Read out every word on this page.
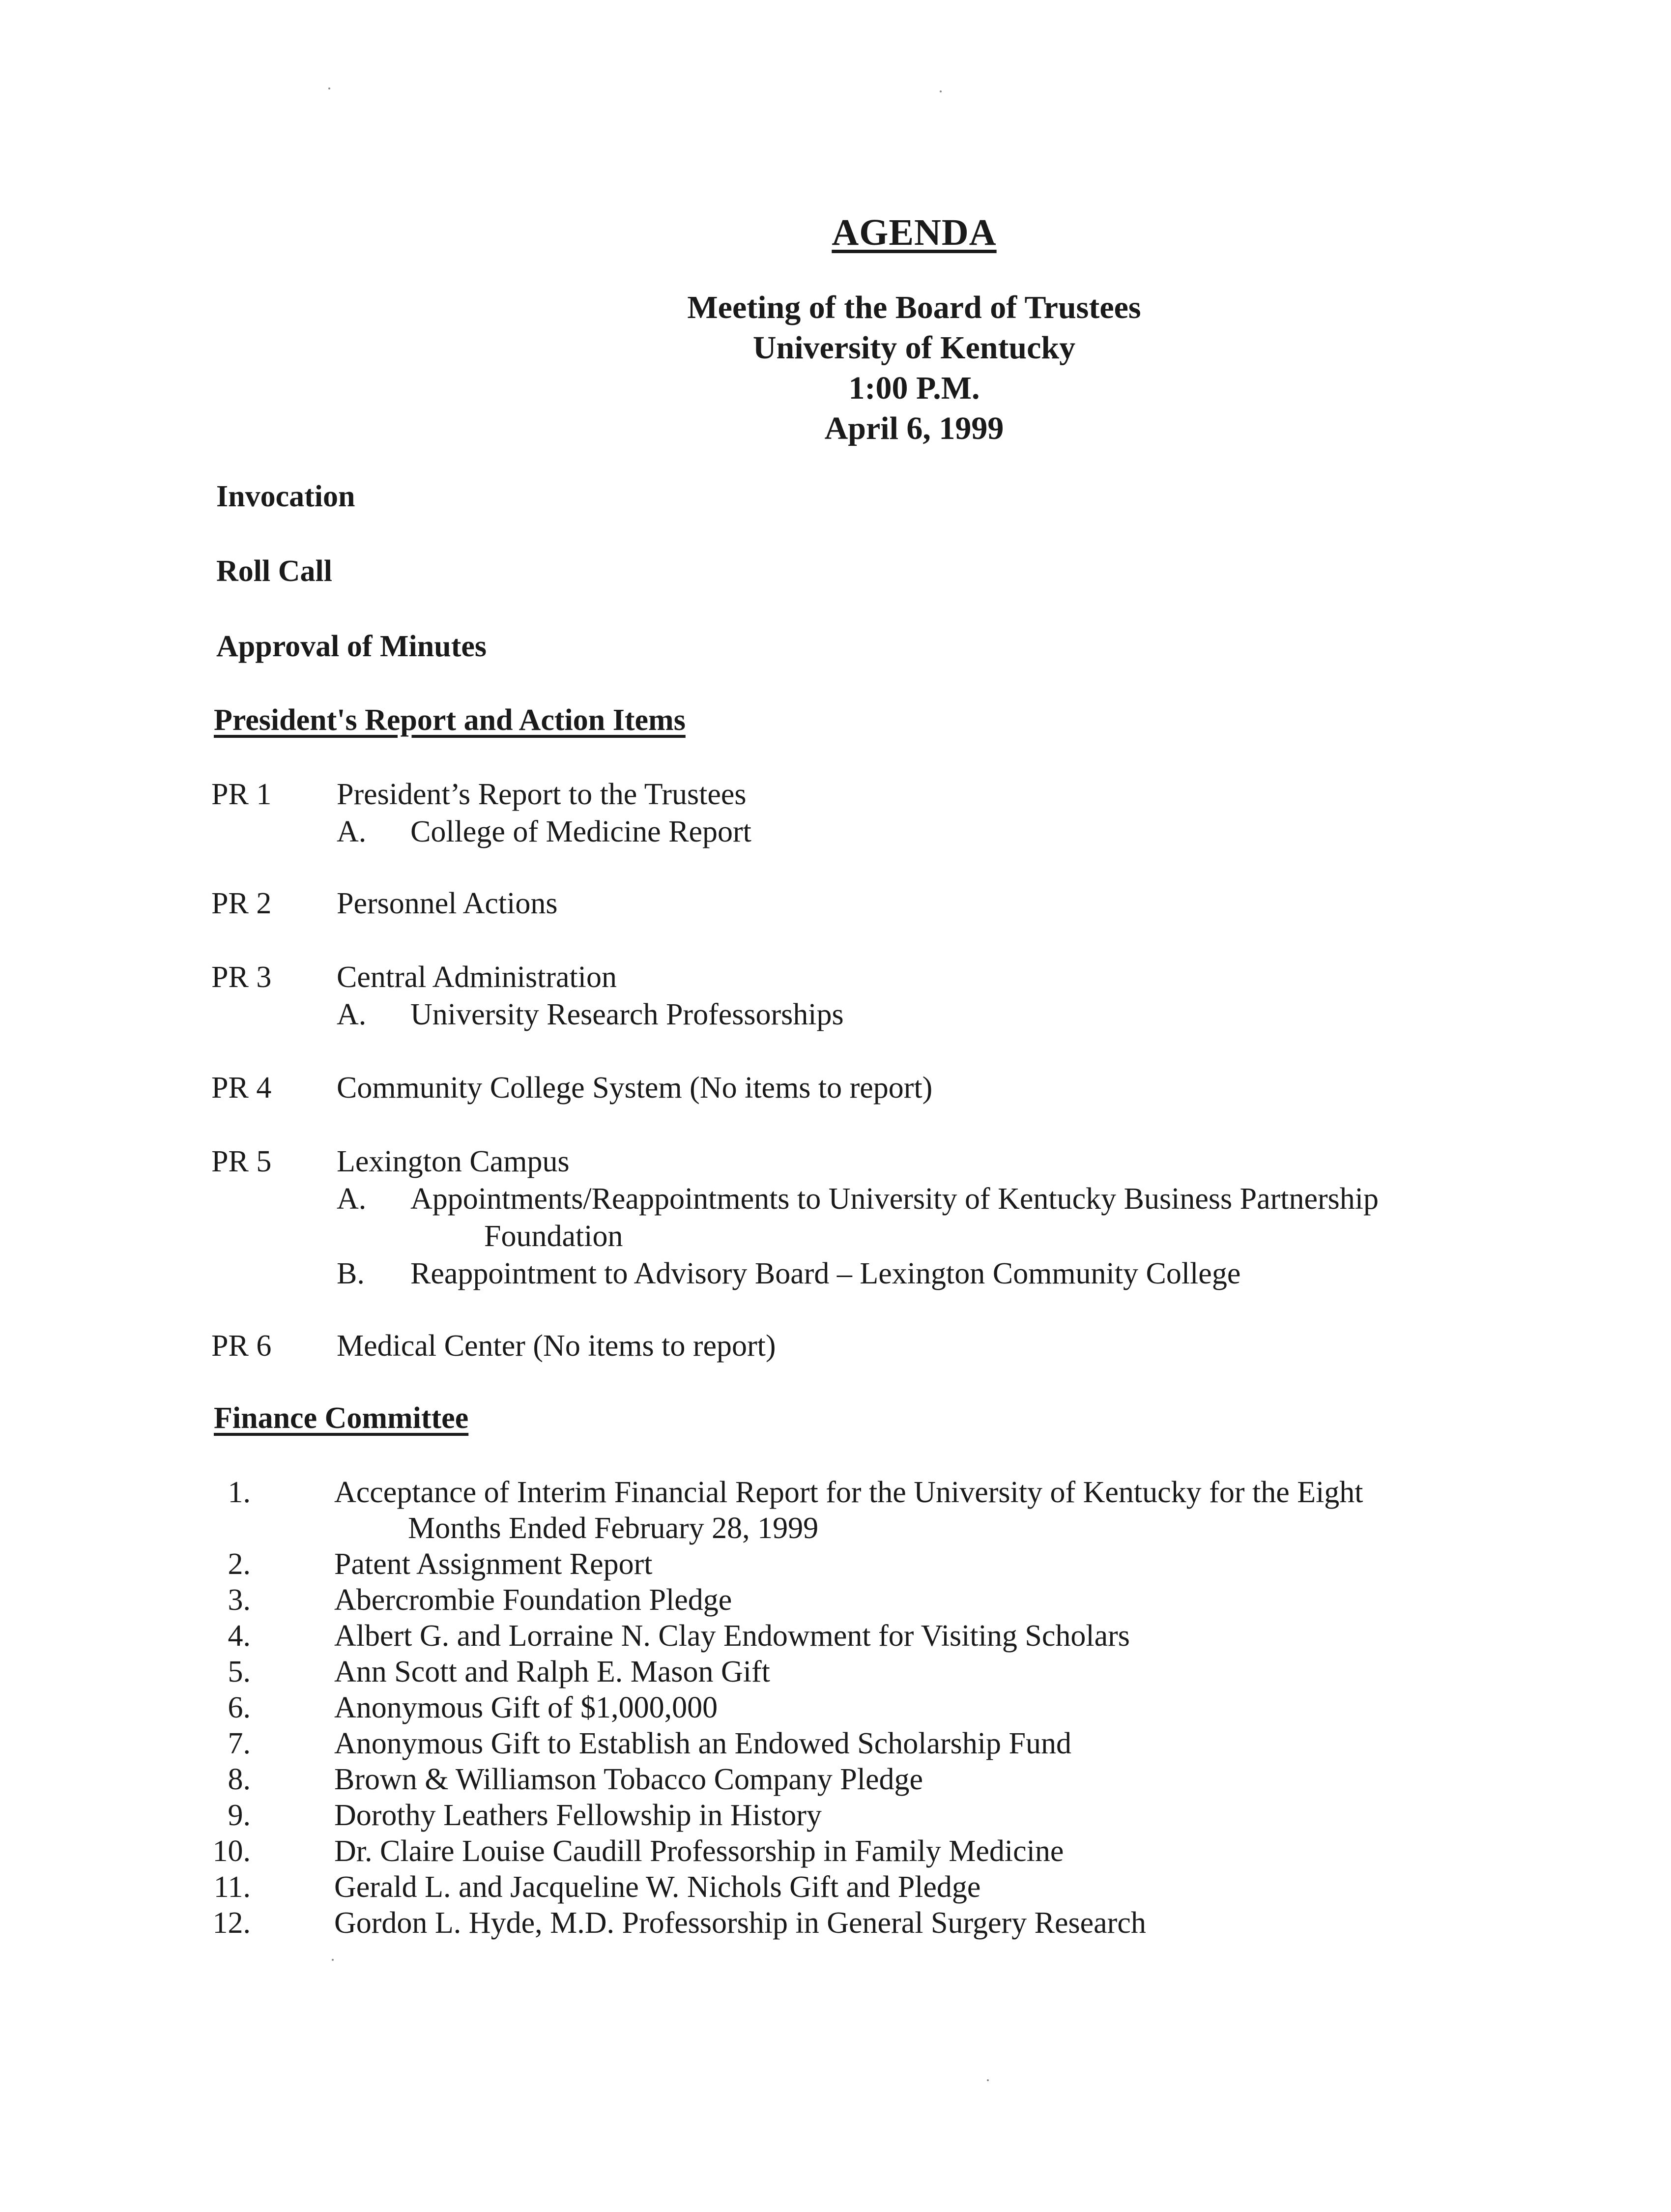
AGENDA
Meeting of the Board of Trustees
University of Kentucky
1:00 P.M.
April 6, 1999
Invocation
Roll Call
Approval of Minutes
President's Report and Action Items
PR 1	President’s Report to the Trustees
A. College of Medicine Report
PR 2	Personnel Actions
PR 3	Central Administration
A. University Research Professorships
PR 4	Community College System (No items to report)
PR 5	Lexington Campus
A. Appointments/Reappointments to University of Kentucky Business Partnership
Foundation
B. Reappointment to Advisory Board – Lexington Community College
PR 6	Medical Center (No items to report)
Finance Committee
1.	Acceptance of Interim Financial Report for the University of Kentucky for the Eight
Months Ended February 28, 1999
2.	Patent Assignment Report
3.	Abercrombie Foundation Pledge
4.	Albert G. and Lorraine N. Clay Endowment for Visiting Scholars
5.	Ann Scott and Ralph E. Mason Gift
6.	Anonymous Gift of $1,000,000
7.	Anonymous Gift to Establish an Endowed Scholarship Fund
8.	Brown & Williamson Tobacco Company Pledge
9.	Dorothy Leathers Fellowship in History
10.	Dr. Claire Louise Caudill Professorship in Family Medicine
11.	Gerald L. and Jacqueline W. Nichols Gift and Pledge
12.	Gordon L. Hyde, M.D. Professorship in General Surgery Research
